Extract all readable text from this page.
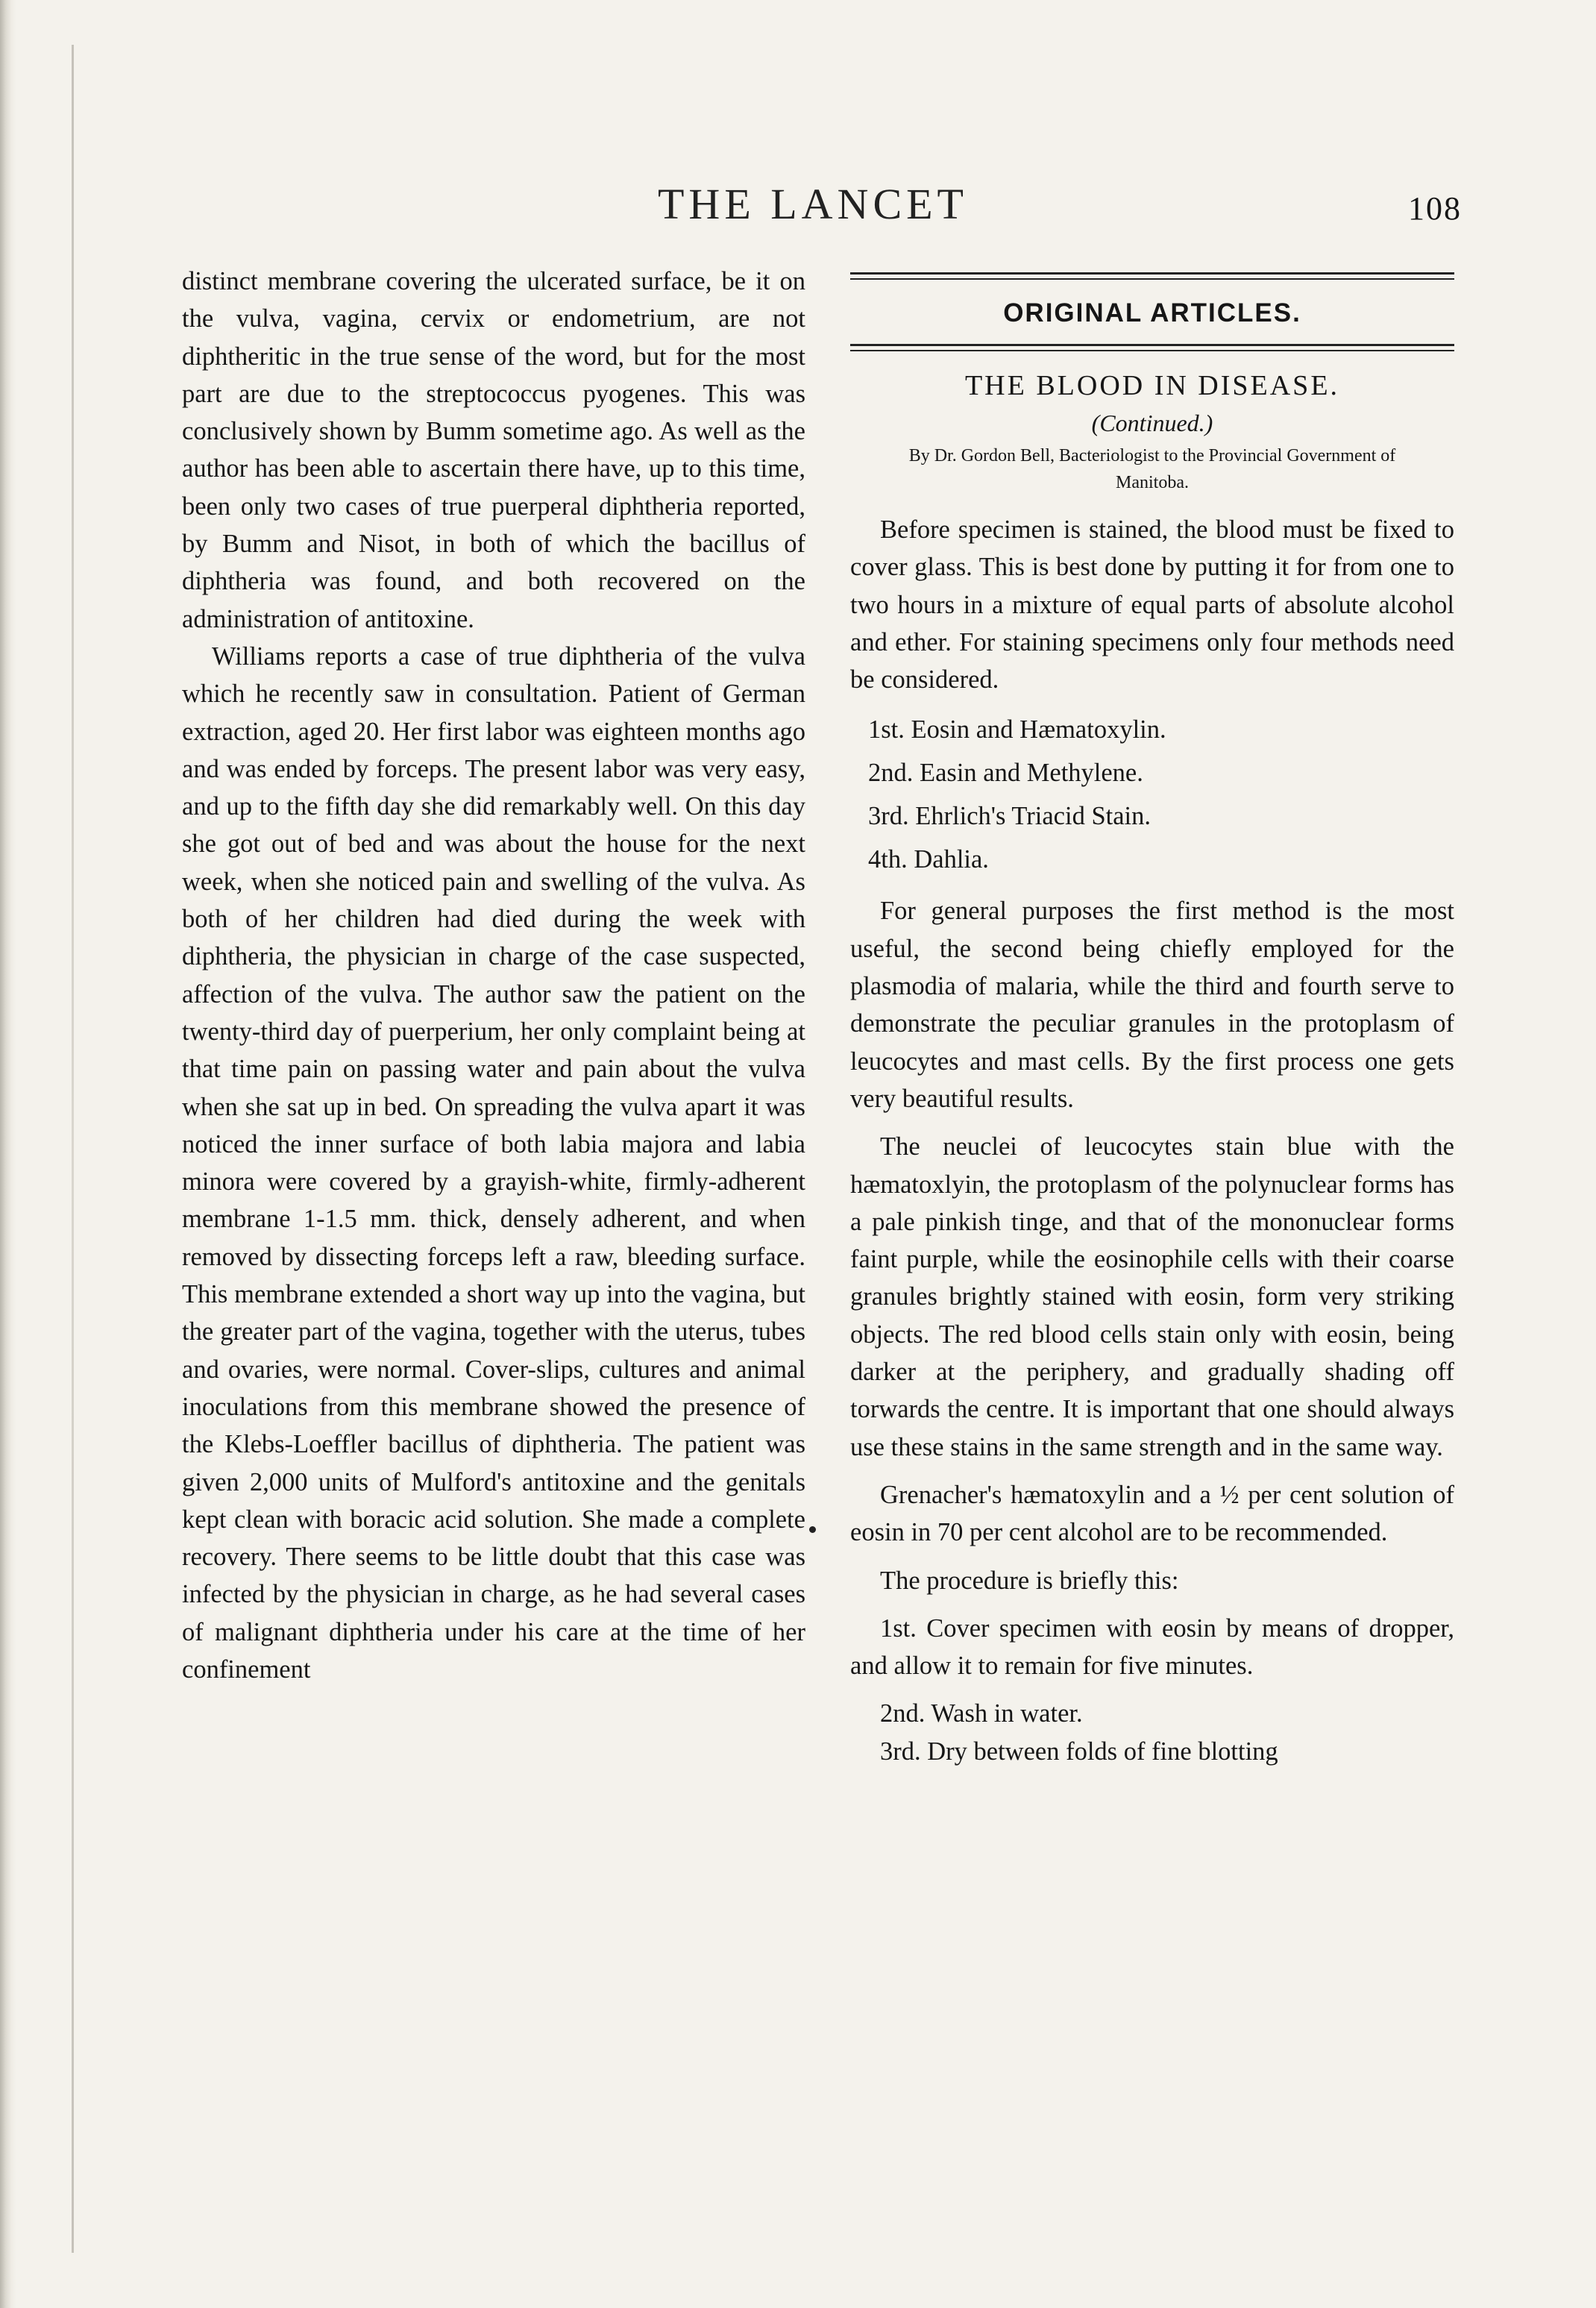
THE LANCET	108

distinct membrane covering the ulcerated surface, be it on the vulva, vagina, cervix or endometrium, are not diphtheritic in the true sense of the word, but for the most part are due to the streptococcus pyogenes. This was conclusively shown by Bumm sometime ago. As well as the author has been able to ascertain there have, up to this time, been only two cases of true puerperal diphtheria reported, by Bumm and Nisot, in both of which the bacillus of diphtheria was found, and both recovered on the administration of antitoxine.

Williams reports a case of true diphtheria of the vulva which he recently saw in consultation. Patient of German extraction, aged 20. Her first labor was eighteen months ago and was ended by forceps. The present labor was very easy, and up to the fifth day she did remarkably well. On this day she got out of bed and was about the house for the next week, when she noticed pain and swelling of the vulva. As both of her children had died during the week with diphtheria, the physician in charge of the case suspected, affection of the vulva. The author saw the patient on the twenty-third day of puerperium, her only complaint being at that time pain on passing water and pain about the vulva when she sat up in bed. On spreading the vulva apart it was noticed the inner surface of both labia majora and labia minora were covered by a grayish-white, firmly-adherent membrane 1-1.5 mm. thick, densely adherent, and when removed by dissecting forceps left a raw, bleeding surface. This membrane extended a short way up into the vagina, but the greater part of the vagina, together with the uterus, tubes and ovaries, were normal. Cover-slips, cultures and animal inoculations from this membrane showed the presence of the Klebs-Loeffler bacillus of diphtheria. The patient was given 2,000 units of Mulford's antitoxine and the genitals kept clean with boracic acid solution. She made a complete recovery. There seems to be little doubt that this case was infected by the physician in charge, as he had several cases of malignant diphtheria under his care at the time of her confinement

ORIGINAL ARTICLES.
THE BLOOD IN DISEASE.
(Continued.)
By Dr. Gordon Bell, Bacteriologist to the Provincial Government of Manitoba.

Before specimen is stained, the blood must be fixed to cover glass. This is best done by putting it for from one to two hours in a mixture of equal parts of absolute alcohol and ether. For staining specimens only four methods need be considered.

1st. Eosin and Hæmatoxylin.
2nd. Easin and Methylene.
3rd. Ehrlich's Triacid Stain.
4th. Dahlia.

For general purposes the first method is the most useful, the second being chiefly employed for the plasmodia of malaria, while the third and fourth serve to demonstrate the peculiar granules in the protoplasm of leucocytes and mast cells. By the first process one gets very beautiful results.

The neuclei of leucocytes stain blue with the hæmatoxlyin, the protoplasm of the polynuclear forms has a pale pinkish tinge, and that of the mononuclear forms faint purple, while the eosinophile cells with their coarse granules brightly stained with eosin, form very striking objects. The red blood cells stain only with eosin, being darker at the periphery, and gradually shading off torwards the centre. It is important that one should always use these stains in the same strength and in the same way.

Grenacher's hæmatoxylin and a ½ per cent solution of eosin in 70 per cent alcohol are to be recommended.

The procedure is briefly this:

1st. Cover specimen with eosin by means of dropper, and allow it to remain for five minutes.

2nd. Wash in water.

3rd. Dry between folds of fine blotting
